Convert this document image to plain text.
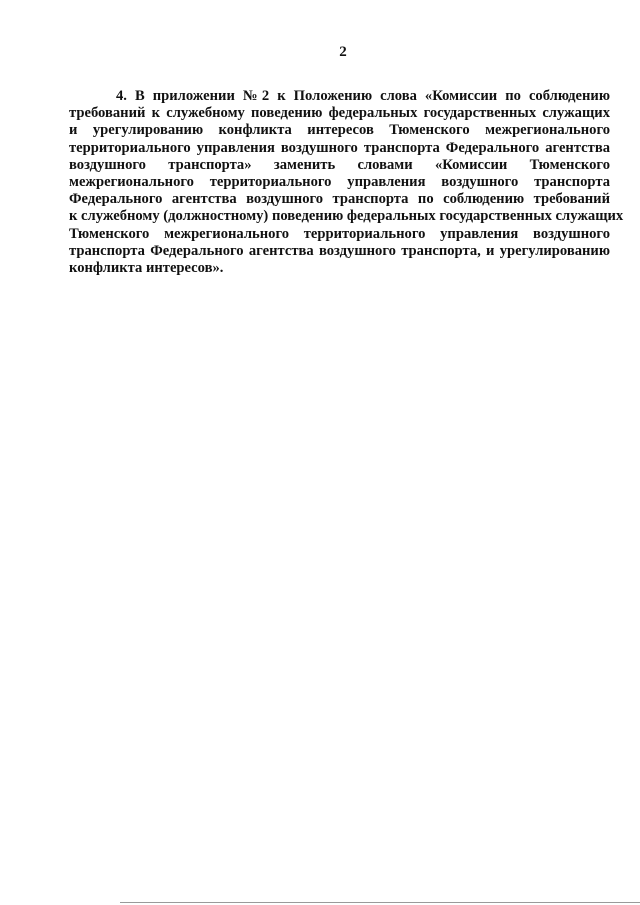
2
4. В приложении №2 к Положению слова «Комиссии по соблюдению
требований к служебному поведению федеральных государственных служащих
и урегулированию конфликта интересов Тюменского межрегионального
территориального управления воздушного транспорта Федерального агентства
воздушного транспорта» заменить словами «Комиссии Тюменского
межрегионального территориального управления воздушного транспорта
Федерального агентства воздушного транспорта по соблюдению требований
к служебному (должностному) поведению федеральных государственных служащих
Тюменского межрегионального территориального управления воздушного
транспорта Федерального агентства воздушного транспорта, и урегулированию
конфликта интересов».
